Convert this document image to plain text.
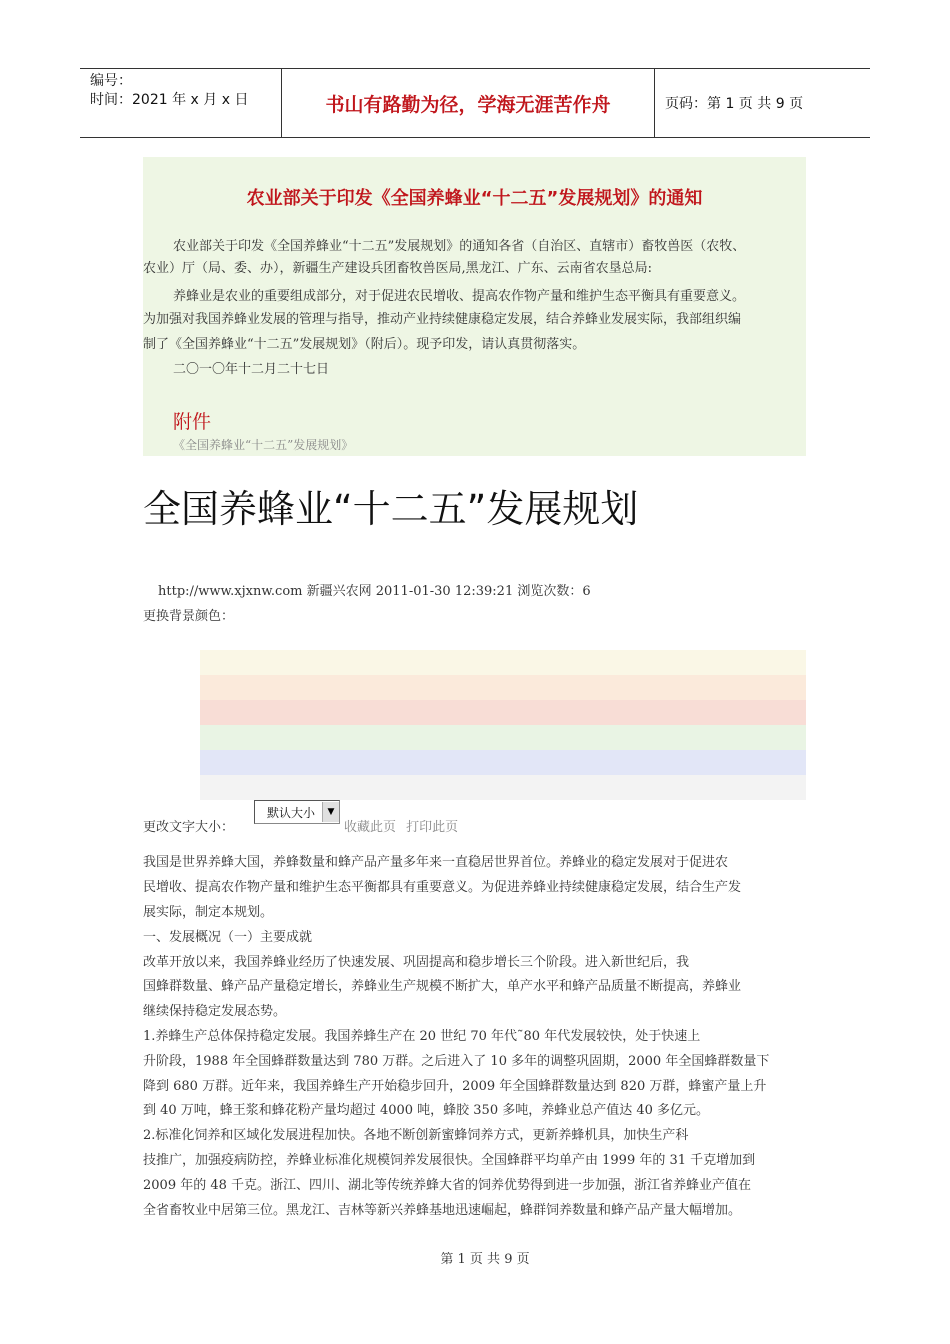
编号：
时间：2021 年 x 月 x 日	书山有路勤为径，学海无涯苦作舟	页码：第 1 页 共 9 页
农业部关于印发《全国养蜂业“十二五”发展规划》的通知
农业部关于印发《全国养蜂业“十二五”发展规划》的通知各省（自治区、直辖市）畜牧兽医（农牧、
农业）厅（局、委、办），新疆生产建设兵团畜牧兽医局,黑龙江、广东、云南省农垦总局:
养蜂业是农业的重要组成部分，对于促进农民增收、提高农作物产量和维护生态平衡具有重要意义。
为加强对我国养蜂业发展的管理与指导，推动产业持续健康稳定发展，结合养蜂业发展实际，我部组织编
制了《全国养蜂业“十二五”发展规划》（附后）。现予印发，请认真贯彻落实。
二〇一〇年十二月二十七日
附件
《全国养蜂业“十二五”发展规划》
全国养蜂业“十二五”发展规划
http://www.xjxnw.com 新疆兴农网 2011-01-30 12:39:21 浏览次数：6
更换背景颜色：
更改文字大小：
默认大小	▼
收藏此页 打印此页
我国是世界养蜂大国，养蜂数量和蜂产品产量多年来一直稳居世界首位。养蜂业的稳定发展对于促进农
民增收、提高农作物产量和维护生态平衡都具有重要意义。为促进养蜂业持续健康稳定发展，结合生产发
展实际，制定本规划。
一、发展概况（一）主要成就
改革开放以来，我国养蜂业经历了快速发展、巩固提高和稳步增长三个阶段。进入新世纪后，我
国蜂群数量、蜂产品产量稳定增长，养蜂业生产规模不断扩大，单产水平和蜂产品质量不断提高，养蜂业
继续保持稳定发展态势。
1.养蜂生产总体保持稳定发展。我国养蜂生产在 20 世纪 70 年代˜80 年代发展较快，处于快速上
升阶段，1988 年全国蜂群数量达到 780 万群。之后进入了 10 多年的调整巩固期，2000 年全国蜂群数量下
降到 680 万群。近年来，我国养蜂生产开始稳步回升，2009 年全国蜂群数量达到 820 万群，蜂蜜产量上升
到 40 万吨，蜂王浆和蜂花粉产量均超过 4000 吨，蜂胶 350 多吨，养蜂业总产值达 40 多亿元。
2.标准化饲养和区域化发展进程加快。各地不断创新蜜蜂饲养方式，更新养蜂机具，加快生产科
技推广，加强疫病防控，养蜂业标准化规模饲养发展很快。全国蜂群平均单产由 1999 年的 31 千克增加到
2009 年的 48 千克。浙江、四川、湖北等传统养蜂大省的饲养优势得到进一步加强，浙江省养蜂业产值在
全省畜牧业中居第三位。黑龙江、吉林等新兴养蜂基地迅速崛起，蜂群饲养数量和蜂产品产量大幅增加。
第 1 页 共 9 页
